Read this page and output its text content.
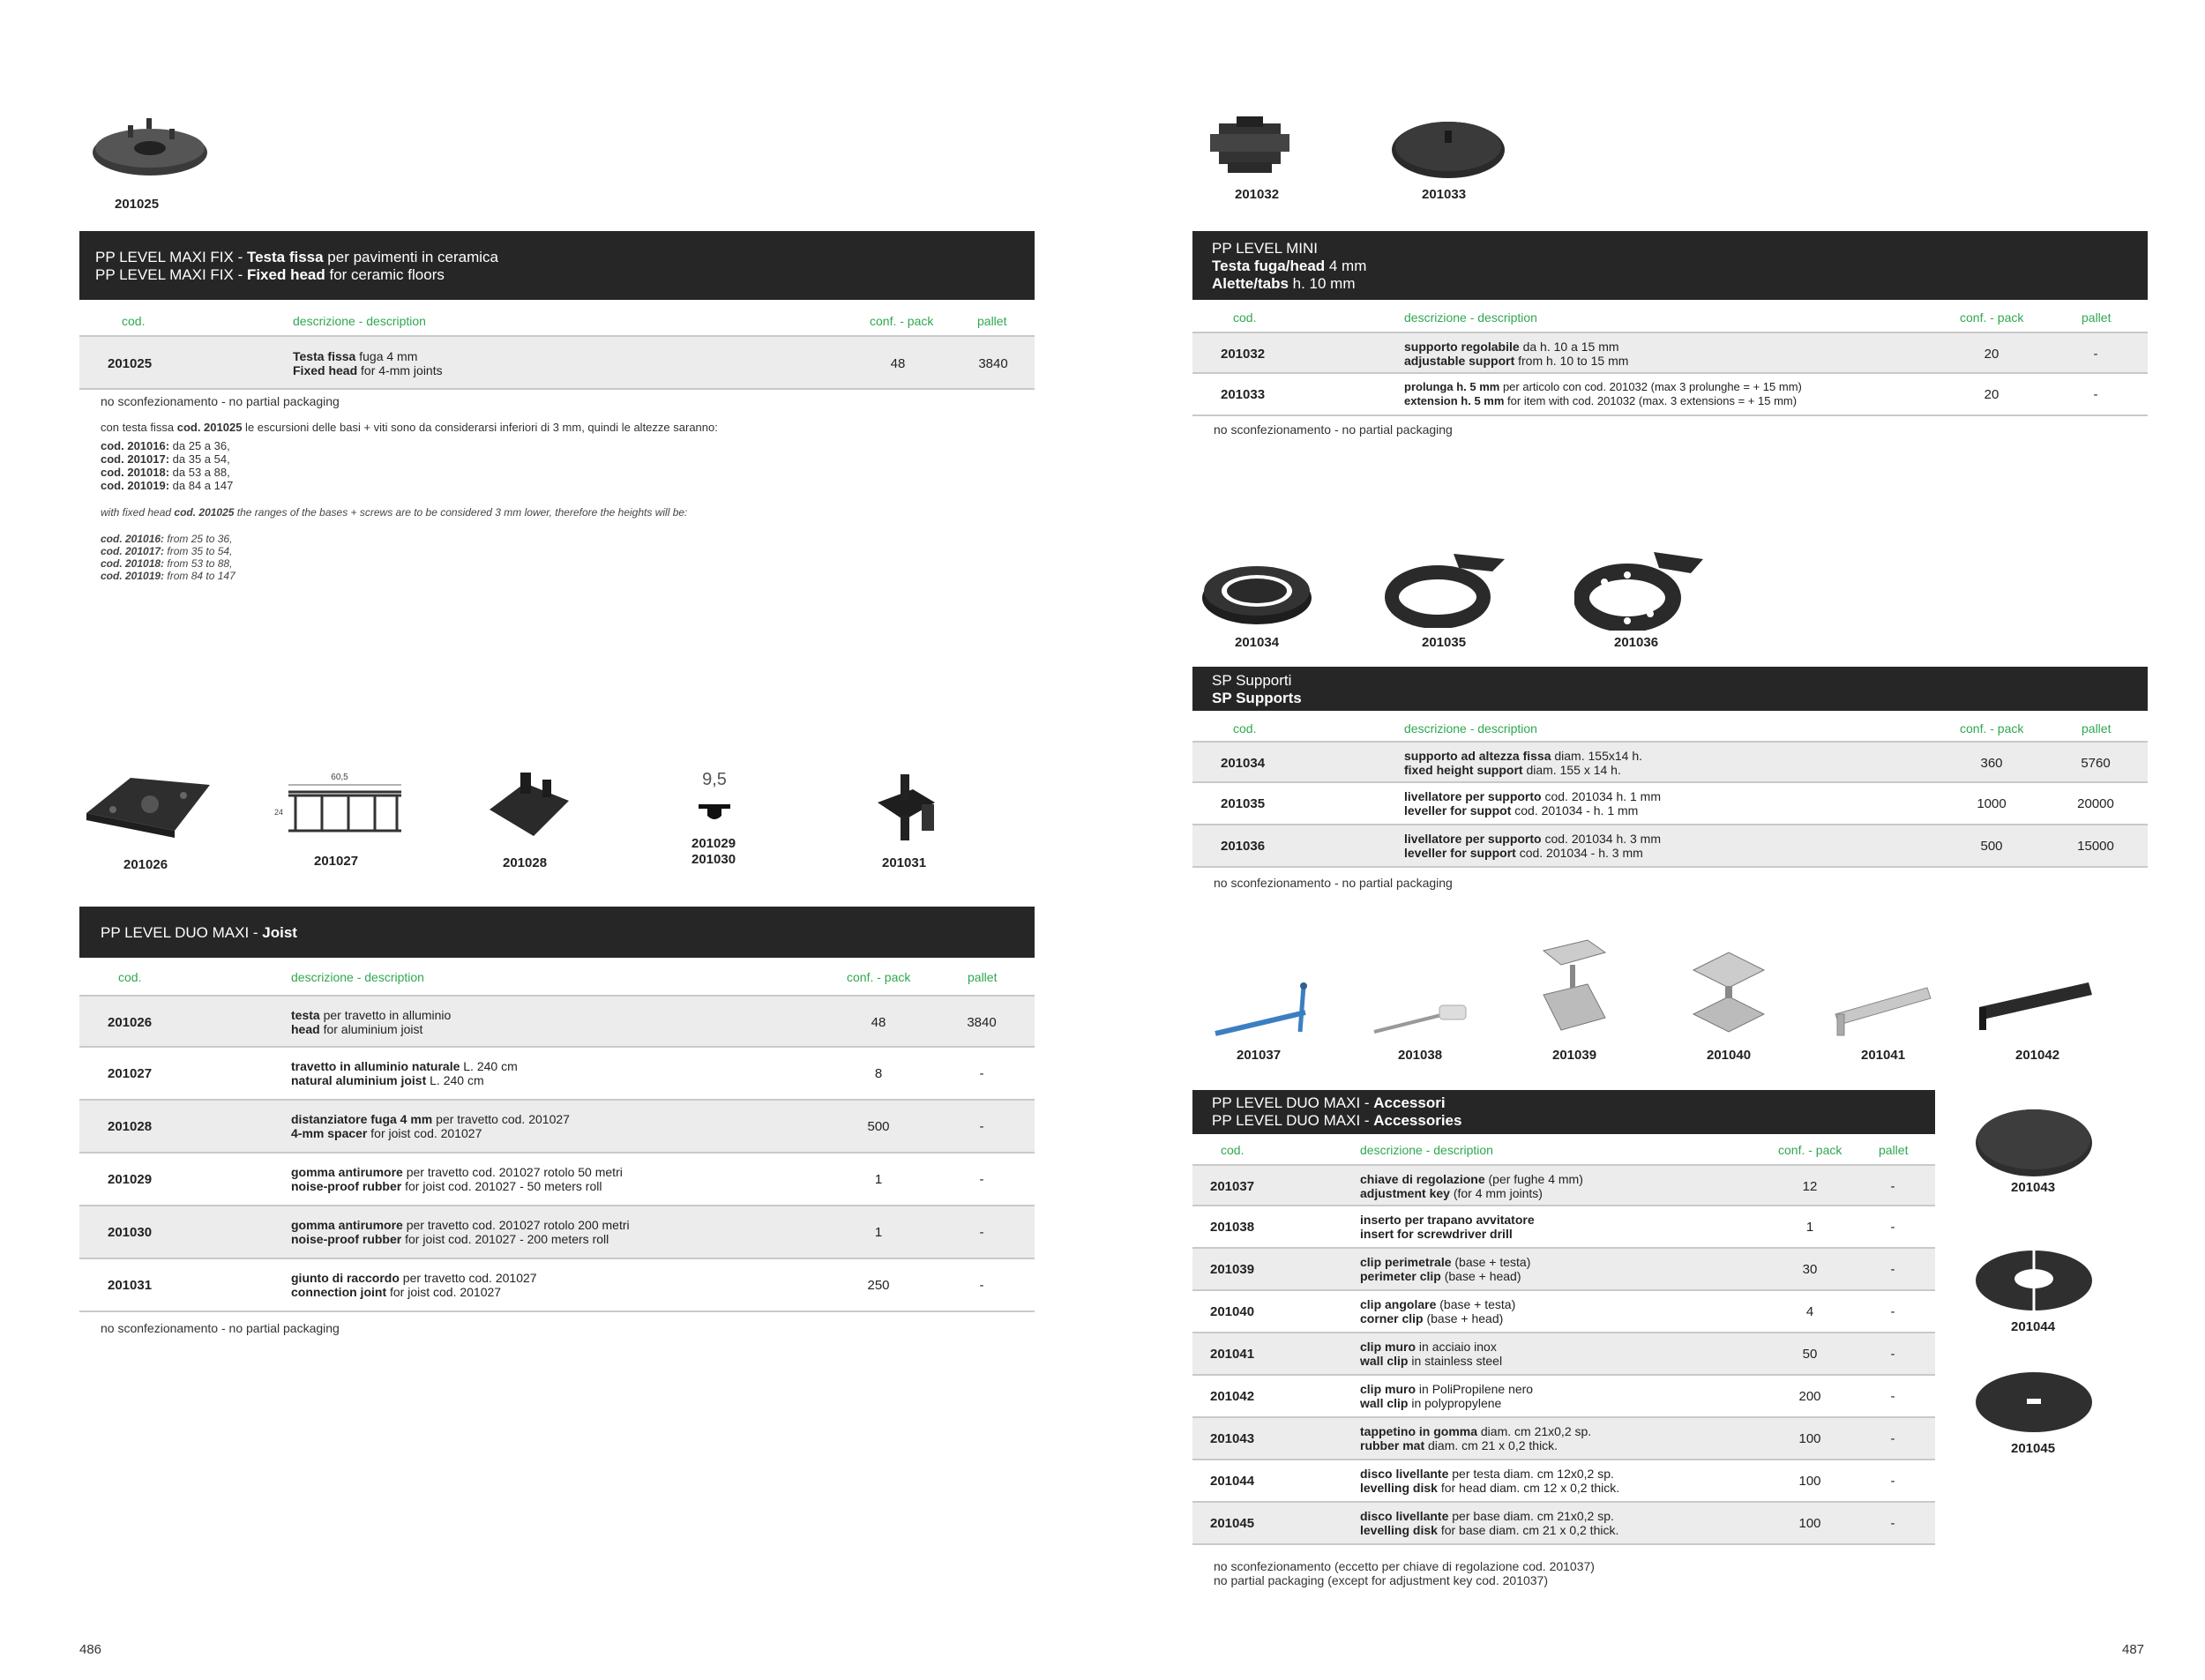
201025
PP LEVEL MAXI FIX - Testa fissa per pavimenti in ceramica
PP LEVEL MAXI FIX - Fixed head for ceramic floors
cod.	descrizione - description	conf. - pack	pallet
201025	Testa fissa fuga 4 mm
Fixed head for 4-mm joints	48	3840
no sconfezionamento - no partial packaging
con testa fissa cod. 201025 le escursioni delle basi + viti sono da considerarsi inferiori di 3 mm, quindi le altezze saranno:
cod. 201016: da 25 a 36,
cod. 201017: da 35 a 54,
cod. 201018: da 53 a 88,
cod. 201019: da 84 a 147
with fixed head cod. 201025 the ranges of the bases + screws are to be considered 3 mm lower, therefore the heights will be:
cod. 201016: from 25 to 36,
cod. 201017: from 35 to 54,
cod. 201018: from 53 to 88,
cod. 201019: from 84 to 147
201026
60,5
24
201027	201028
9,5
201029
201030	201031
PP LEVEL DUO MAXI - Joist
cod.	descrizione - description	conf. - pack	pallet
201026	testa per travetto in alluminio
head for aluminium joist	48	3840
201027	travetto in alluminio naturale L. 240 cm
natural aluminium joist L. 240 cm	8	-
201028	distanziatore fuga 4 mm per travetto cod. 201027
4-mm spacer for joist cod. 201027	500	-
201029	gomma antirumore per travetto cod. 201027 rotolo 50 metri
noise-proof rubber for joist cod. 201027 - 50 meters roll	1	-
201030	gomma antirumore per travetto cod. 201027 rotolo 200 metri
noise-proof rubber for joist cod. 201027 - 200 meters roll	1	-
201031	giunto di raccordo per travetto cod. 201027
connection joint for joist cod. 201027	250	-
no sconfezionamento - no partial packaging
486
201032	201033
PP LEVEL MINI
Testa fuga/head 4 mm
Alette/tabs h. 10 mm
cod.	descrizione - description	conf. - pack	pallet
201032	supporto regolabile da h. 10 a 15 mm
adjustable support from h. 10 to 15 mm	20	-
201033
prolunga h. 5 mm per articolo con cod. 201032 (max 3 prolunghe = + 15 mm)
extension h. 5 mm for item with cod. 201032 (max. 3 extensions = + 15 mm)	20	-
no sconfezionamento - no partial packaging
201034	201035	201036
SP Supporti
SP Supports
cod.	descrizione - description	conf. - pack	pallet
201034	supporto ad altezza fissa diam. 155x14 h.
fixed height support diam. 155 x 14 h.	360	5760
201035	livellatore per supporto cod. 201034 h. 1 mm
leveller for suppot cod. 201034 - h. 1 mm	1000	20000
201036	livellatore per supporto cod. 201034 h. 3 mm
leveller for support cod. 201034 - h. 3 mm	500	15000
no sconfezionamento - no partial packaging
201037	201038	201039	201040	201041	201042
201043
201044
201045
PP LEVEL DUO MAXI - Accessori
PP LEVEL DUO MAXI - Accessories
cod.	descrizione - description	conf. - pack	pallet
201037	chiave di regolazione (per fughe 4 mm)
adjustment key (for 4 mm joints)	12	-
201038	inserto per trapano avvitatore
insert for screwdriver drill	1	-
201039	clip perimetrale (base + testa)
perimeter clip (base + head)	30	-
201040	clip angolare (base + testa)
corner clip (base + head)	4	-
201041	clip muro in acciaio inox
wall clip in stainless steel	50	-
201042	clip muro in PoliPropilene nero
wall clip in polypropylene	200	-
201043	tappetino in gomma diam. cm 21x0,2 sp.
rubber mat diam. cm 21 x 0,2 thick.	100	-
201044	disco livellante per testa diam. cm 12x0,2 sp.
levelling disk for head diam. cm 12 x 0,2 thick.	100	-
201045	disco livellante per base diam. cm 21x0,2 sp.
levelling disk for base diam. cm 21 x 0,2 thick.	100	-
no sconfezionamento (eccetto per chiave di regolazione cod. 201037)
no partial packaging (except for adjustment key cod. 201037)
487
